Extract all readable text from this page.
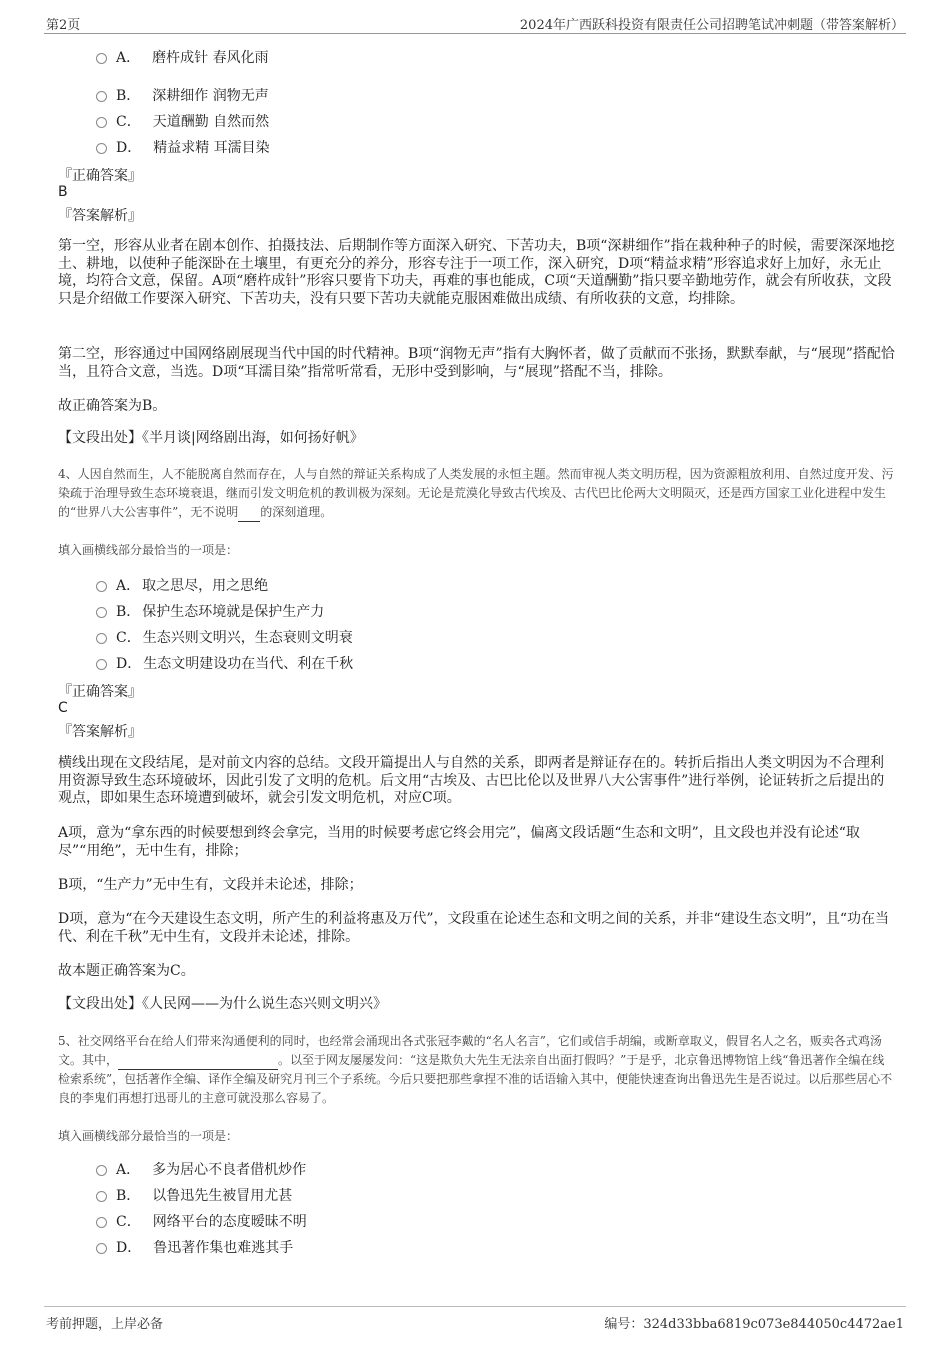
第2页	2024年广西跃科投资有限责任公司招聘笔试冲刺题（带答案解析）
A． 磨杵成针 春风化雨
B． 深耕细作 润物无声
C． 天道酬勤 自然而然
D． 精益求精 耳濡目染
『正确答案』
B
『答案解析』
第一空，形容从业者在剧本创作、拍摄技法、后期制作等方面深入研究、下苦功夫，B项“深耕细作”指在栽种种子的时候，需要深深地挖土、耕地，以使种子能深卧在土壤里，有更充分的养分，形容专注于一项工作，深入研究，D项“精益求精”形容追求好上加好，永无止境，均符合文意，保留。A项“磨杵成针”形容只要肯下功夫，再难的事也能成，C项“天道酬勤”指只要辛勤地劳作，就会有所收获，文段只是介绍做工作要深入研究、下苦功夫，没有只要下苦功夫就能克服困难做出成绩、有所收获的文意，均排除。
第二空，形容通过中国网络剧展现当代中国的时代精神。B项“润物无声”指有大胸怀者，做了贡献而不张扬，默默奉献，与“展现”搭配恰当，且符合文意，当选。D项“耳濡目染”指常听常看，无形中受到影响，与“展现”搭配不当，排除。
故正确答案为B。
【文段出处】《半月谈|网络剧出海，如何扬好帆》
4、人因自然而生，人不能脱离自然而存在，人与自然的辩证关系构成了人类发展的永恒主题。然而审视人类文明历程，因为资源粗放利用、自然过度开发、污染疏于治理导致生态环境衰退，继而引发文明危机的教训极为深刻。无论是荒漠化导致古代埃及、古代巴比伦两大文明陨灭，还是西方国家工业化进程中发生的“世界八大公害事件”，无不说明 的深刻道理。
填入画横线部分最恰当的一项是：
A． 取之思尽，用之思绝
B． 保护生态环境就是保护生产力
C． 生态兴则文明兴，生态衰则文明衰
D． 生态文明建设功在当代、利在千秋
『正确答案』
C
『答案解析』
横线出现在文段结尾，是对前文内容的总结。文段开篇提出人与自然的关系，即两者是辩证存在的。转折后指出人类文明因为不合理利用资源导致生态环境破坏，因此引发了文明的危机。后文用“古埃及、古巴比伦以及世界八大公害事件”进行举例，论证转折之后提出的观点，即如果生态环境遭到破坏，就会引发文明危机，对应C项。
A项，意为“拿东西的时候要想到终会拿完，当用的时候要考虑它终会用完”，偏离文段话题“生态和文明”，且文段也并没有论述“取尽”“用绝”，无中生有，排除；
B项，“生产力”无中生有，文段并未论述，排除；
D项，意为“在今天建设生态文明，所产生的利益将惠及万代”，文段重在论述生态和文明之间的关系，并非“建设生态文明”，且“功在当代、利在千秋”无中生有，文段并未论述，排除。
故本题正确答案为C。
【文段出处】《人民网——为什么说生态兴则文明兴》
5、社交网络平台在给人们带来沟通便利的同时，也经常会涌现出各式张冠李戴的“名人名言”，它们或信手胡编，或断章取义，假冒名人之名，贩卖各式鸡汤文。其中，	。以至于网友屡屡发问：“这是欺负大先生无法亲自出面打假吗？”于是乎，北京鲁迅博物馆上线“鲁迅著作全编在线检索系统”，包括著作全编、译作全编及研究月刊三个子系统。今后只要把那些拿捏不准的话语输入其中，便能快速查询出鲁迅先生是否说过。以后那些居心不良的李鬼们再想打迅哥儿的主意可就没那么容易了。
填入画横线部分最恰当的一项是：
A． 多为居心不良者借机炒作
B． 以鲁迅先生被冒用尤甚
C． 网络平台的态度暧昧不明
D． 鲁迅著作集也难逃其手
考前押题，上岸必备	编号：324d33bba6819c073e844050c4472ae1
